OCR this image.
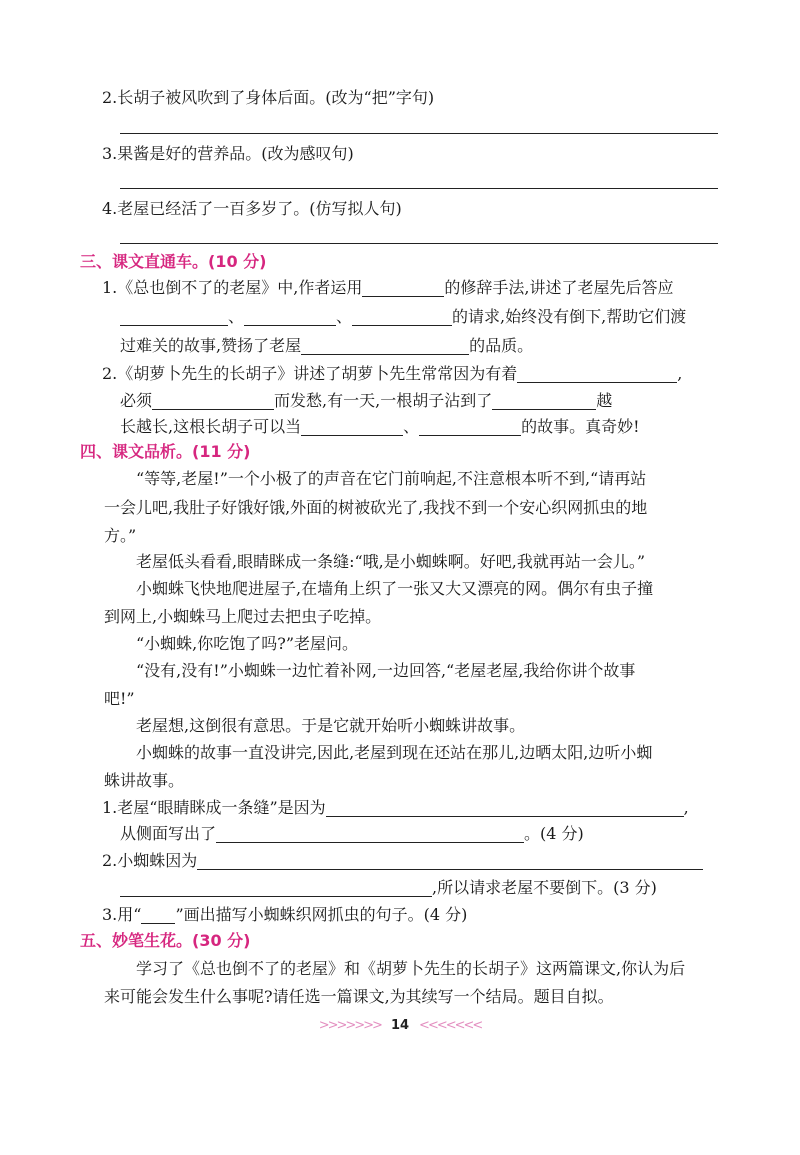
2.长胡子被风吹到了身体后面。(改为“把”字句)
3.果酱是好的营养品。(改为感叹句)
4.老屋已经活了一百多岁了。(仿写拟人句)
三、课文直通车。(10 分)
1.《总也倒不了的老屋》中,作者运用	的修辞手法,讲述了老屋先后答应
、	、	的请求,始终没有倒下,帮助它们渡
过难关的故事,赞扬了老屋	的品质。
2.《胡萝卜先生的长胡子》讲述了胡萝卜先生常常因为有着	,
必须	而发愁,有一天,一根胡子沾到了	越
长越长,这根长胡子可以当	、	的故事。真奇妙!
四、课文品析。(11 分)
“等等,老屋!”一个小极了的声音在它门前响起,不注意根本听不到,“请再站
一会儿吧,我肚子好饿好饿,外面的树被砍光了,我找不到一个安心织网抓虫的地
方。”
老屋低头看看,眼睛眯成一条缝:“哦,是小蜘蛛啊。好吧,我就再站一会儿。”
小蜘蛛飞快地爬进屋子,在墙角上织了一张又大又漂亮的网。偶尔有虫子撞
到网上,小蜘蛛马上爬过去把虫子吃掉。
“小蜘蛛,你吃饱了吗?”老屋问。
“没有,没有!”小蜘蛛一边忙着补网,一边回答,“老屋老屋,我给你讲个故事
吧!”
老屋想,这倒很有意思。于是它就开始听小蜘蛛讲故事。
小蜘蛛的故事一直没讲完,因此,老屋到现在还站在那儿,边晒太阳,边听小蜘
蛛讲故事。
1.老屋“眼睛眯成一条缝”是因为	,
从侧面写出了	。(4 分)
2.小蜘蛛因为
,所以请求老屋不要倒下。(3 分)
3.用“ ”画出描写小蜘蛛织网抓虫的句子。(4 分)
五、妙笔生花。(30 分)
学习了《总也倒不了的老屋》和《胡萝卜先生的长胡子》这两篇课文,你认为后
来可能会发生什么事呢?请任选一篇课文,为其续写一个结局。题目自拟。
>>>>>>> 14 <<<<<<<
